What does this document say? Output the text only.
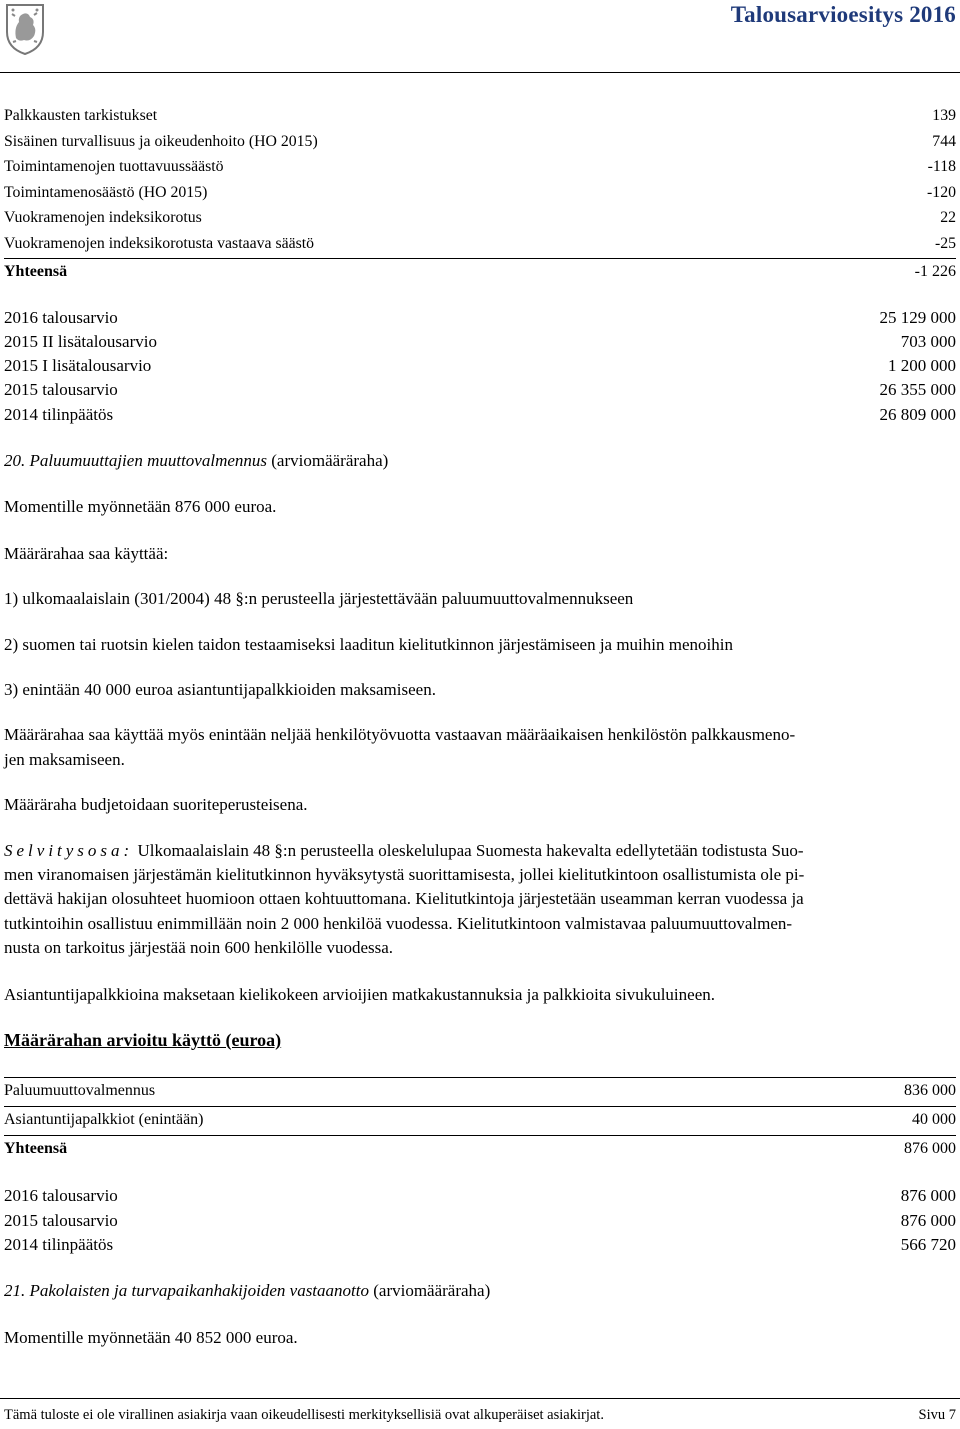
Talousarvioesitys 2016
Palkkausten tarkistukset	139
Sisäinen turvallisuus ja oikeudenhoito (HO 2015)	744
Toimintamenojen tuottavuussäästö	-118
Toimintamenosäästö (HO 2015)	-120
Vuokramenojen indeksikorotus	22
Vuokramenojen indeksikorotusta vastaava säästö	-25
Yhteensä	-1 226
2016 talousarvio	25 129 000
2015 II lisätalousarvio	703 000
2015 I lisätalousarvio	1 200 000
2015 talousarvio	26 355 000
2014 tilinpäätös	26 809 000

20. Paluumuuttajien muuttovalmennus (arviomääräraha)

Momentille myönnetään 876 000 euroa.

Määrärahaa saa käyttää:

1) ulkomaalaislain (301/2004) 48 §:n perusteella järjestettävään paluumuuttovalmennukseen

2) suomen tai ruotsin kielen taidon testaamiseksi laaditun kielitutkinnon järjestämiseen ja muihin menoihin

3) enintään 40 000 euroa asiantuntijapalkkioiden maksamiseen.

Määrärahaa saa käyttää myös enintään neljää henkilötyövuotta vastaavan määräaikaisen henkilöstön palkkausmeno-
jen maksamiseen.

Määräraha budjetoidaan suoriteperusteisena.

Selvitysosa: Ulkomaalaislain 48 §:n perusteella oleskelulupaa Suomesta hakevalta edellytetään todistusta Suo-
men viranomaisen järjestämän kielitutkinnon hyväksytystä suorittamisesta, jollei kielitutkintoon osallistumista ole pi-
dettävä hakijan olosuhteet huomioon ottaen kohtuuttomana. Kielitutkintoja järjestetään useamman kerran vuodessa ja
tutkintoihin osallistuu enimmillään noin 2 000 henkilöä vuodessa. Kielitutkintoon valmistavaa paluumuuttovalmen-
nusta on tarkoitus järjestää noin 600 henkilölle vuodessa.

Asiantuntijapalkkioina maksetaan kielikokeen arvioijien matkakustannuksia ja palkkioita sivukuluineen.

Määrärahan arvioitu käyttö (euroa)

Paluumuuttovalmennus	836 000
Asiantuntijapalkkiot (enintään)	40 000
Yhteensä	876 000
2016 talousarvio	876 000
2015 talousarvio	876 000
2014 tilinpäätös	566 720

21. Pakolaisten ja turvapaikanhakijoiden vastaanotto (arviomääräraha)

Momentille myönnetään 40 852 000 euroa.

Tämä tuloste ei ole virallinen asiakirja vaan oikeudellisesti merkityksellisiä ovat alkuperäiset asiakirjat.	Sivu 7
